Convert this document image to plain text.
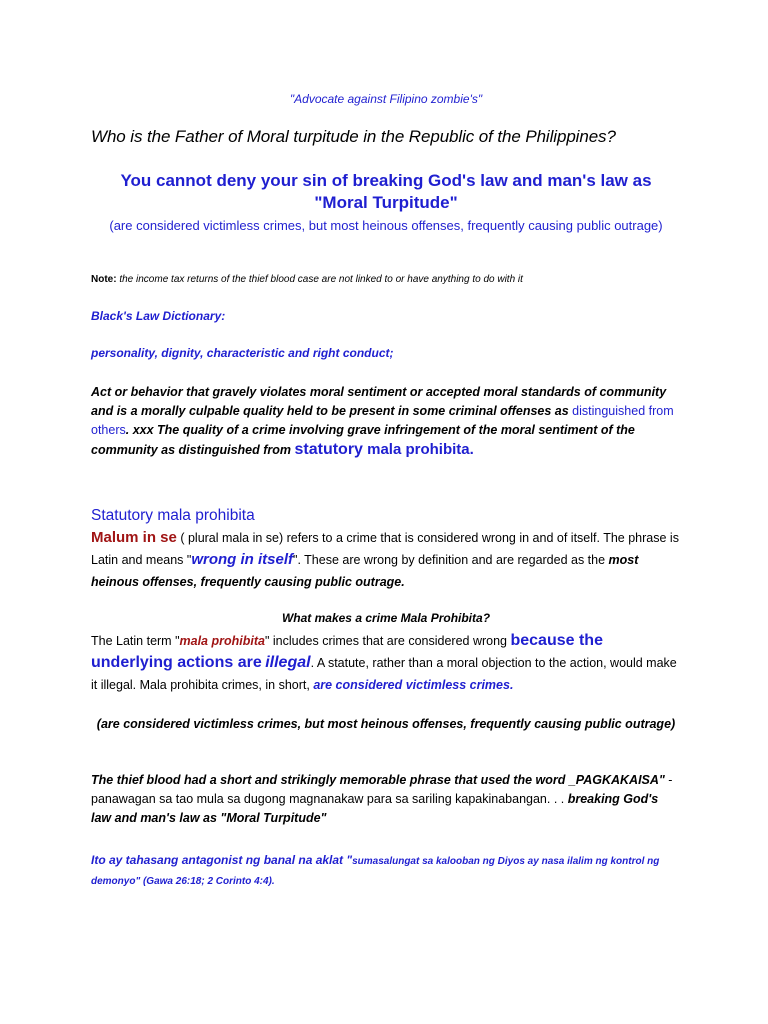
"Advocate against Filipino zombie's"

Who is the Father of Moral turpitude in the Republic of the Philippines?

You cannot deny your sin of breaking God's law and man's law as
"Moral Turpitude"

(are considered victimless crimes, but most heinous offenses, frequently causing public outrage)

Note: the income tax returns of the thief blood case are not linked to or have anything to do with it

Black's Law Dictionary:

personality, dignity, characteristic and right conduct;

Act or behavior that gravely violates moral sentiment or accepted moral standards of community and is a morally culpable quality held to be present in some criminal offenses as distinguished from others. xxx The quality of a crime involving grave infringement of the moral sentiment of the community as distinguished from statutory mala prohibita.

Statutory mala prohibita

Malum in se ( plural mala in se) refers to a crime that is considered wrong in and of itself. The phrase is Latin and means "wrong in itself". These are wrong by definition and are regarded as the most heinous offenses, frequently causing public outrage.

What makes a crime Mala Prohibita?

The Latin term "mala prohibita" includes crimes that are considered wrong because the underlying actions are illegal. A statute, rather than a moral objection to the action, would make it illegal. Mala prohibita crimes, in short, are considered victimless crimes.

(are considered victimless crimes, but most heinous offenses, frequently causing public outrage)

The thief blood had a short and strikingly memorable phrase that used the word _PAGKAKAISA" - panawagan sa tao mula sa dugong magnanakaw para sa sariling kapakinabangan. . . breaking God's law and man's law as "Moral Turpitude"

Ito ay tahasang antagonist ng banal na aklat "sumasalungat sa kalooban ng Diyos ay nasa ilalim ng kontrol ng demonyo" (Gawa 26:18; 2 Corinto 4:4).
